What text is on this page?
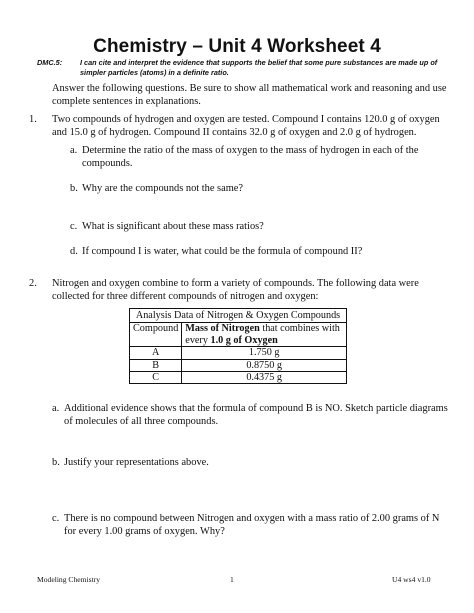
Chemistry – Unit 4 Worksheet 4
DMC.5: I can cite and interpret the evidence that supports the belief that some pure substances are made up of simpler particles (atoms) in a definite ratio.
Answer the following questions. Be sure to show all mathematical work and reasoning and use complete sentences in explanations.
1. Two compounds of hydrogen and oxygen are tested. Compound I contains 120.0 g of oxygen and 15.0 g of hydrogen. Compound II contains 32.0 g of oxygen and 2.0 g of hydrogen.
a. Determine the ratio of the mass of oxygen to the mass of hydrogen in each of the compounds.
b. Why are the compounds not the same?
c. What is significant about these mass ratios?
d. If compound I is water, what could be the formula of compound II?
2. Nitrogen and oxygen combine to form a variety of compounds. The following data were collected for three different compounds of nitrogen and oxygen:
Analysis Data of Nitrogen & Oxygen Compounds	
Compound	Mass of Nitrogen that combines with every 1.0 g of Oxygen
A	1.750 g
B	0.8750 g
C	0.4375 g
a. Additional evidence shows that the formula of compound B is NO. Sketch particle diagrams of molecules of all three compounds.
b. Justify your representations above.
c. There is no compound between Nitrogen and oxygen with a mass ratio of 2.00 grams of N for every 1.00 grams of oxygen. Why?
Modeling Chemistry	1	U4 ws4 v1.0
